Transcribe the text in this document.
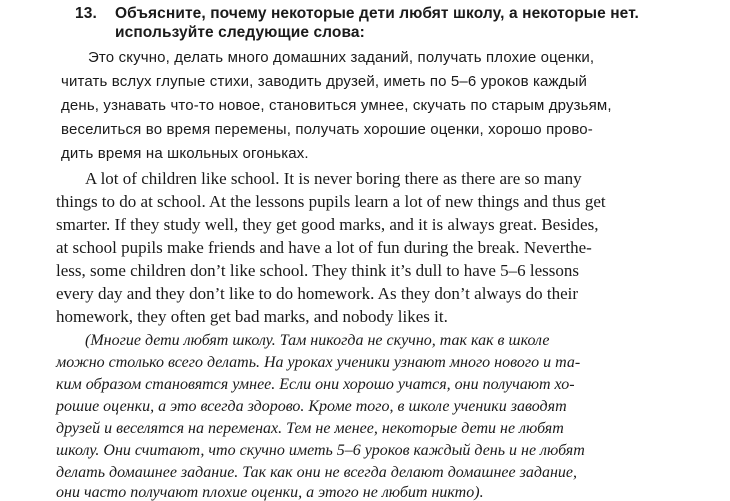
13. Объясните, почему некоторые дети любят школу, а некоторые нет.
используйте следующие слова:
Это скучно, делать много домашних заданий, получать плохие оценки,
читать вслух глупые стихи, заводить друзей, иметь по 5–6 уроков каждый
день, узнавать что-то новое, становиться умнее, скучать по старым друзьям,
веселиться во время перемены, получать хорошие оценки, хорошо прово-
дить время на школьных огоньках.
A lot of children like school. It is never boring there as there are so many
things to do at school. At the lessons pupils learn a lot of new things and thus get
smarter. If they study well, they get good marks, and it is always great. Besides,
at school pupils make friends and have a lot of fun during the break. Neverthe-
less, some children don’t like school. They think it’s dull to have 5–6 lessons
every day and they don’t like to do homework. As they don’t always do their
homework, they often get bad marks, and nobody likes it.
(Многие дети любят школу. Там никогда не скучно, так как в школе
можно столько всего делать. На уроках ученики узнают много нового и та-
ким образом становятся умнее. Если они хорошо учатся, они получают хо-
рошие оценки, а это всегда здорово. Кроме того, в школе ученики заводят
друзей и веселятся на переменах. Тем не менее, некоторые дети не любят
школу. Они считают, что скучно иметь 5–6 уроков каждый день и не любят
делать домашнее задание. Так как они не всегда делают домашнее задание,
они часто получают плохие оценки, а этого не любит никто).
